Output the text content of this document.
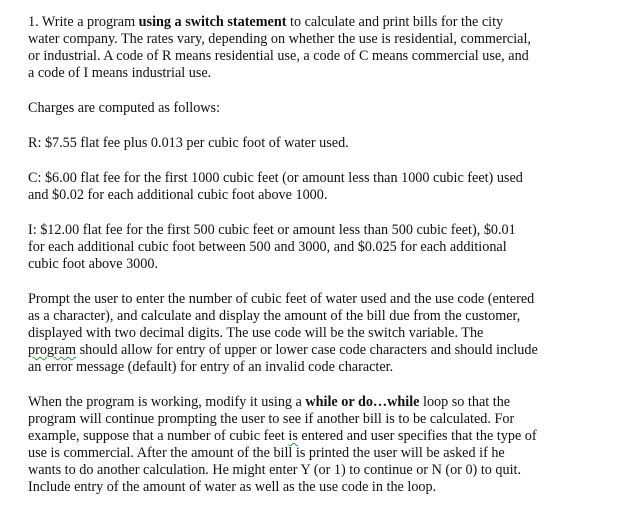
1. Write a program using a switch statement to calculate and print bills for the city
water company. The rates vary, depending on whether the use is residential, commercial,
or industrial. A code of R means residential use, a code of C means commercial use, and
a code of I means industrial use.

Charges are computed as follows:

R: $7.55 flat fee plus 0.013 per cubic foot of water used.

C: $6.00 flat fee for the first 1000 cubic feet (or amount less than 1000 cubic feet) used
and $0.02 for each additional cubic foot above 1000.

I: $12.00 flat fee for the first 500 cubic feet or amount less than 500 cubic feet), $0.01
for each additional cubic foot between 500 and 3000, and $0.025 for each additional
cubic foot above 3000.

Prompt the user to enter the number of cubic feet of water used and the use code (entered
as a character), and calculate and display the amount of the bill due from the customer,
displayed with two decimal digits. The use code will be the switch variable. The
program should allow for entry of upper or lower case code characters and should include
an error message (default) for entry of an invalid code character.

When the program is working, modify it using a while or do…while loop so that the
program will continue prompting the user to see if another bill is to be calculated. For
example, suppose that a number of cubic feet is entered and user specifies that the type of
use is commercial. After the amount of the bill is printed the user will be asked if he
wants to do another calculation. He might enter Y (or 1) to continue or N (or 0) to quit.
Include entry of the amount of water as well as the use code in the loop.
